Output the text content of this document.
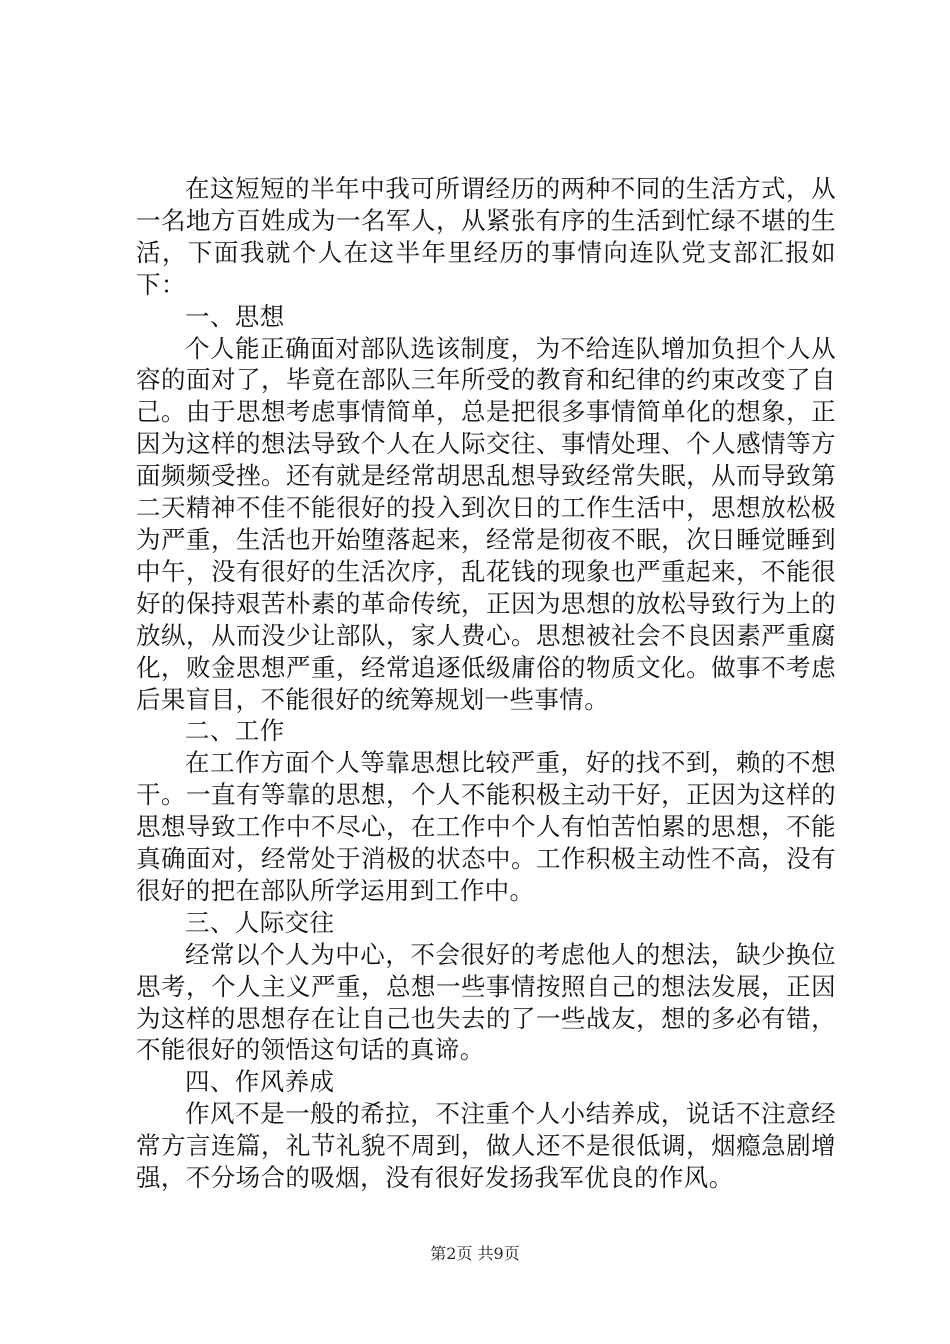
在这短短的半年中我可所谓经历的两种不同的生活方式，从一名地方百姓成为一名军人，从紧张有序的生活到忙绿不堪的生活，下面我就个人在这半年里经历的事情向连队党支部汇报如下：

一、思想

个人能正确面对部队选该制度，为不给连队增加负担个人从容的面对了，毕竟在部队三年所受的教育和纪律的约束改变了自己。由于思想考虑事情简单，总是把很多事情简单化的想象，正因为这样的想法导致个人在人际交往、事情处理、个人感情等方面频频受挫。还有就是经常胡思乱想导致经常失眠，从而导致第二天精神不佳不能很好的投入到次日的工作生活中，思想放松极为严重，生活也开始堕落起来，经常是彻夜不眠，次日睡觉睡到中午，没有很好的生活次序，乱花钱的现象也严重起来，不能很好的保持艰苦朴素的革命传统，正因为思想的放松导致行为上的放纵，从而没少让部队，家人费心。思想被社会不良因素严重腐化，败金思想严重，经常追逐低级庸俗的物质文化。做事不考虑后果盲目，不能很好的统筹规划一些事情。

二、工作

在工作方面个人等靠思想比较严重，好的找不到，赖的不想干。一直有等靠的思想，个人不能积极主动干好，正因为这样的思想导致工作中不尽心，在工作中个人有怕苦怕累的思想，不能真确面对，经常处于消极的状态中。工作积极主动性不高，没有很好的把在部队所学运用到工作中。

三、人际交往

经常以个人为中心，不会很好的考虑他人的想法，缺少换位思考，个人主义严重，总想一些事情按照自己的想法发展，正因为这样的思想存在让自己也失去的了一些战友，想的多必有错，不能很好的领悟这句话的真谛。

四、作风养成

作风不是一般的希拉，不注重个人小结养成，说话不注意经常方言连篇，礼节礼貌不周到，做人还不是很低调，烟瘾急剧增强，不分场合的吸烟，没有很好发扬我军优良的作风。

第2页 共9页
